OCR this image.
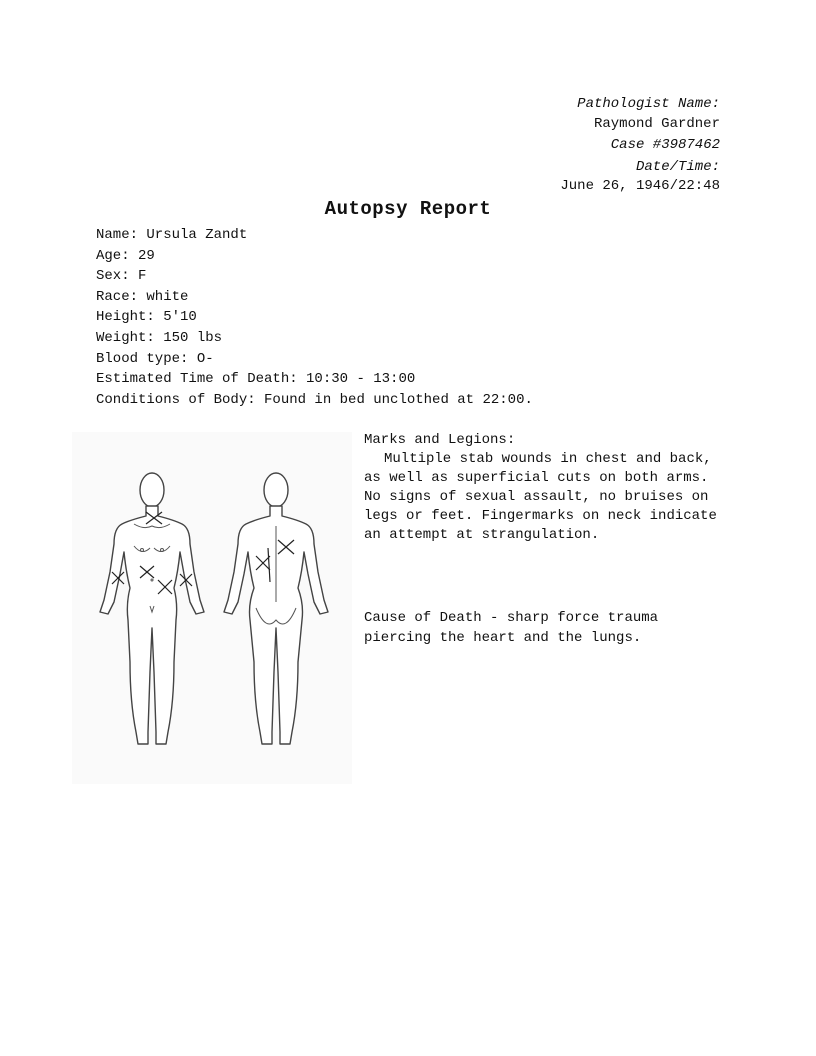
Pathologist Name:
Raymond Gardner
Case #3987462
Date/Time:
June 26, 1946/22:48
Autopsy Report
Name: Ursula Zandt
Age: 29
Sex: F
Race: white
Height: 5'10
Weight: 150 lbs
Blood type: O-
Estimated Time of Death: 10:30 - 13:00
Conditions of Body: Found in bed unclothed at 22:00.
Marks and Legions:
Multiple stab wounds in chest and back, as well as superficial cuts on both arms. No signs of sexual assault, no bruises on legs or feet. Fingermarks on neck indicate an attempt at strangulation.
Cause of Death - sharp force trauma piercing the heart and the lungs.
